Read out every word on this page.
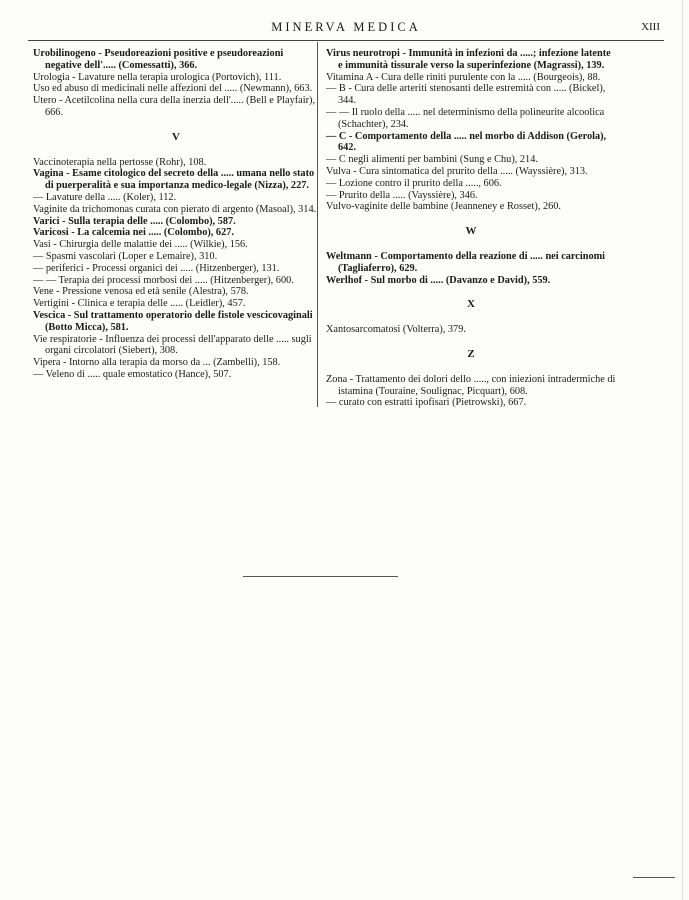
MINERVA MEDICA	XIII

Urobilinogeno - Pseudoreazioni positive e pseudoreazioni negative dell'..... (Comessatti), 366.

Urologia - Lavature nella terapia urologica (Portovich), 111.

Uso ed abuso di medicinali nelle affezioni del ..... (Newmann), 663.

Utero - Acetilcolina nella cura della inerzia dell'..... (Bell e Playfair), 666.

V

Vaccinoterapia nella pertosse (Rohr), 108.

Vagina - Esame citologico del secreto della ..... umana nello stato di puerperalità e sua importanza medico-legale (Nizza), 227.

— Lavature della ..... (Koler), 112.

Vaginite da trichomonas curata con pierato di argento (Masoal), 314.

Varici - Sulla terapia delle ..... (Colombo), 587.

Varicosi - La calcemia nei ..... (Colombo), 627.

Vasi - Chirurgia delle malattie dei ..... (Wilkie), 156.

— Spasmi vascolari (Loper e Lemaire), 310.

— periferici - Processi organici dei ..... (Hitzenberger), 131.

— — Terapia dei processi morbosi dei ..... (Hitzenberger), 600.

Vene - Pressione venosa ed età senile (Alestra), 578.

Vertigini - Clinica e terapia delle ..... (Leidler), 457.

Vescica - Sul trattamento operatorio delle fistole vescicovaginali (Botto Micca), 581.

Vie respiratorie - Influenza dei processi dell'apparato delle ..... sugli organi circolatori (Siebert), 308.

Vipera - Intorno alla terapia da morso da ... (Zambelli), 158.

— Veleno di ..... quale emostatico (Hance), 507.

Virus neurotropi - Immunità in infezioni da .....; infezione latente e immunità tissurale verso la superinfezione (Magrassi), 139.

Vitamina A - Cura delle riniti purulente con la ..... (Bourgeois), 88.

— B - Cura delle arteriti stenosanti delle estremità con ..... (Bickel), 344.

— — Il ruolo della ..... nel determinismo della polineurite alcoolica (Schachter), 234.

— C - Comportamento della ..... nel morbo di Addison (Gerola), 642.

— C negli alimenti per bambini (Sung e Chu), 214.

Vulva - Cura sintomatica del prurito della ..... (Wayssière), 313.

— Lozione contro il prurito della ....., 606.

— Prurito della ..... (Vayssière), 346.

Vulvo-vaginite delle bambine (Jeanneney e Rosset), 260.

W

Weltmann - Comportamento della reazione di ..... nei carcinomi (Tagliaferro), 629.

Werlhof - Sul morbo di ..... (Davanzo e David), 559.

X

Xantosarcomatosi (Volterra), 379.

Z

Zona - Trattamento dei dolori dello ....., con iniezioni intradermiche di istamina (Touraine, Soulignac, Picquart), 608.

— curato con estratti ipofisari (Pietrowski), 667.
